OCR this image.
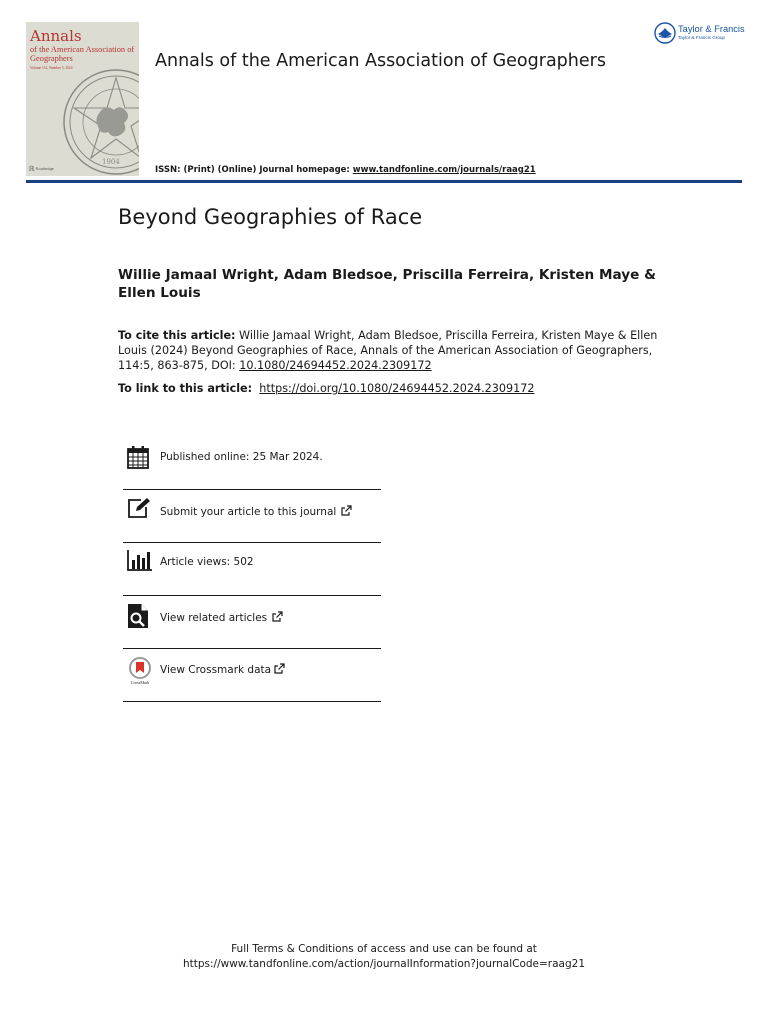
Annals
of the American Association of Geographers
Volume 114, Number 5, 2024
1904
ℝ Routledge
Annals of the American Association of Geographers
Taylor & Francis
Taylor & Francis Group
ISSN: (Print) (Online) Journal homepage: www.tandfonline.com/journals/raag21
Beyond Geographies of Race
Willie Jamaal Wright, Adam Bledsoe, Priscilla Ferreira, Kristen Maye & Ellen Louis
To cite this article: Willie Jamaal Wright, Adam Bledsoe, Priscilla Ferreira, Kristen Maye & Ellen Louis (2024) Beyond Geographies of Race, Annals of the American Association of Geographers, 114:5, 863-875, DOI: 10.1080/24694452.2024.2309172
To link to this article: https://doi.org/10.1080/24694452.2024.2309172
Published online: 25 Mar 2024.
Submit your article to this journal
Article views: 502
View related articles
CrossMark
View Crossmark data
Full Terms & Conditions of access and use can be found at
https://www.tandfonline.com/action/journalInformation?journalCode=raag21
